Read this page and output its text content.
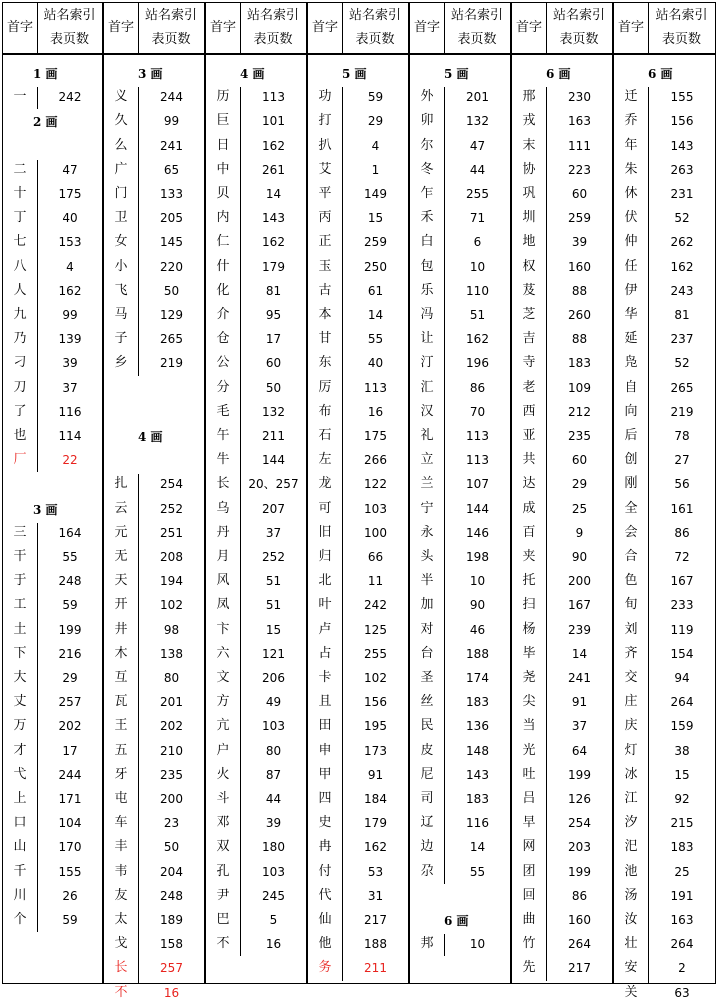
首字
站名索引
表页数
1 画
一	242
2 画
二	47
十	175
丁	40
七	153
八	4
人	162
九	99
乃	139
刁	39
刀	37
了	116
也	114
厂	22
3 画
三	164
干	55
于	248
工	59
土	199
下	216
大	29
丈	257
万	202
才	17
弋	244
上	171
口	104
山	170
千	155
川	26
个	59
首字
站名索引
表页数
3 画
义	244
久	99
么	241
广	65
门	133
卫	205
女	145
小	220
飞	50
马	129
子	265
乡	219
4 画
扎	254
云	252
元	251
无	208
天	194
开	102
井	98
木	138
互	80
瓦	201
王	202
五	210
牙	235
屯	200
车	23
丰	50
韦	204
友	248
太	189
戈	158
长	257
不	16
首字
站名索引
表页数
4 画
历	113
巨	101
日	162
中	261
贝	14
内	143
仁	162
什	179
化	81
介	95
仓	17
公	60
分	50
毛	132
午	211
牛	144
长	20、257
乌	207
丹	37
月	252
风	51
凤	51
卞	15
六	121
文	206
方	49
亢	103
户	80
火	87
斗	44
邓	39
双	180
孔	103
尹	245
巴	5
不	16
首字
站名索引
表页数
5 画
功	59
打	29
扒	4
艾	1
平	149
丙	15
正	259
玉	250
古	61
本	14
甘	55
东	40
厉	113
布	16
石	175
左	266
龙	122
可	103
旧	100
归	66
北	11
叶	242
卢	125
占	255
卡	102
且	156
田	195
申	173
甲	91
四	184
史	179
冉	162
付	53
代	31
仙	217
他	188
务	211
首字
站名索引
表页数
5 画
外	201
卯	132
尔	47
冬	44
乍	255
禾	71
白	6
包	10
乐	110
冯	51
让	162
汀	196
汇	86
汉	70
礼	113
立	113
兰	107
宁	144
永	146
头	198
半	10
加	90
对	46
台	188
圣	174
丝	183
民	136
皮	148
尼	143
司	183
辽	116
边	14
尕	55
6 画
邦	10
首字
站名索引
表页数
6 画
邢	230
戎	163
末	111
协	223
巩	60
圳	259
地	39
权	160
芨	88
芝	260
吉	88
寺	183
老	109
西	212
亚	235
共	60
达	29
成	25
百	9
夹	90
托	200
扫	167
杨	239
毕	14
尧	241
尖	91
当	37
光	64
吐	199
吕	126
早	254
网	203
团	199
回	86
曲	160
竹	264
先	217
首字
站名索引
表页数
6 画
迁	155
乔	156
年	143
朱	263
休	231
伏	52
仲	262
任	162
伊	243
华	81
延	237
凫	52
自	265
向	219
后	78
创	27
刚	56
全	161
会	86
合	72
色	167
旬	233
刘	119
齐	154
交	94
庄	264
庆	159
灯	38
冰	15
江	92
汐	215
汜	183
池	25
汤	191
汝	163
壮	264
安	2
关	63
